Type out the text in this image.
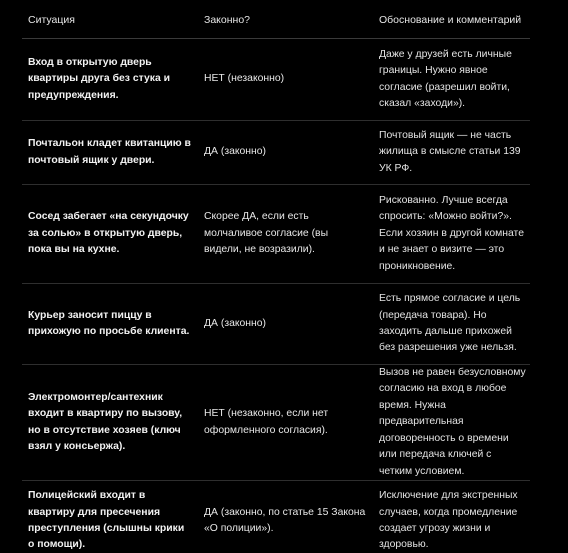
Ситуация	Законно?	Обоснование и комментарий
Вход в открытую дверь квартиры друга без стука и предупреждения.	НЕТ (незаконно)	Даже у друзей есть личные границы. Нужно явное согласие (разрешил войти, сказал «заходи»).
Почтальон кладет квитанцию в почтовый ящик у двери.	ДА (законно)	Почтовый ящик — не часть жилища в смысле статьи 139 УК РФ.
Сосед забегает «на секундочку за солью» в открытую дверь, пока вы на кухне.	Скорее ДА, если есть молчаливое согласие (вы видели, не возразили).	Рискованно. Лучше всегда спросить: «Можно войти?». Если хозяин в другой комнате и не знает о визите — это проникновение.
Курьер заносит пиццу в прихожую по просьбе клиента.	ДА (законно)	Есть прямое согласие и цель (передача товара). Но заходить дальше прихожей без разрешения уже нельзя.
Электромонтер/сантехник входит в квартиру по вызову, но в отсутствие хозяев (ключ взял у консьержа).	НЕТ (незаконно, если нет оформленного согласия).	Вызов не равен безусловному согласию на вход в любое время. Нужна предварительная договоренность о времени или передача ключей с четким условием.
Полицейский входит в квартиру для пресечения преступления (слышны крики о помощи).	ДА (законно, по статье 15 Закона «О полиции»).	Исключение для экстренных случаев, когда промедление создает угрозу жизни и здоровью.
